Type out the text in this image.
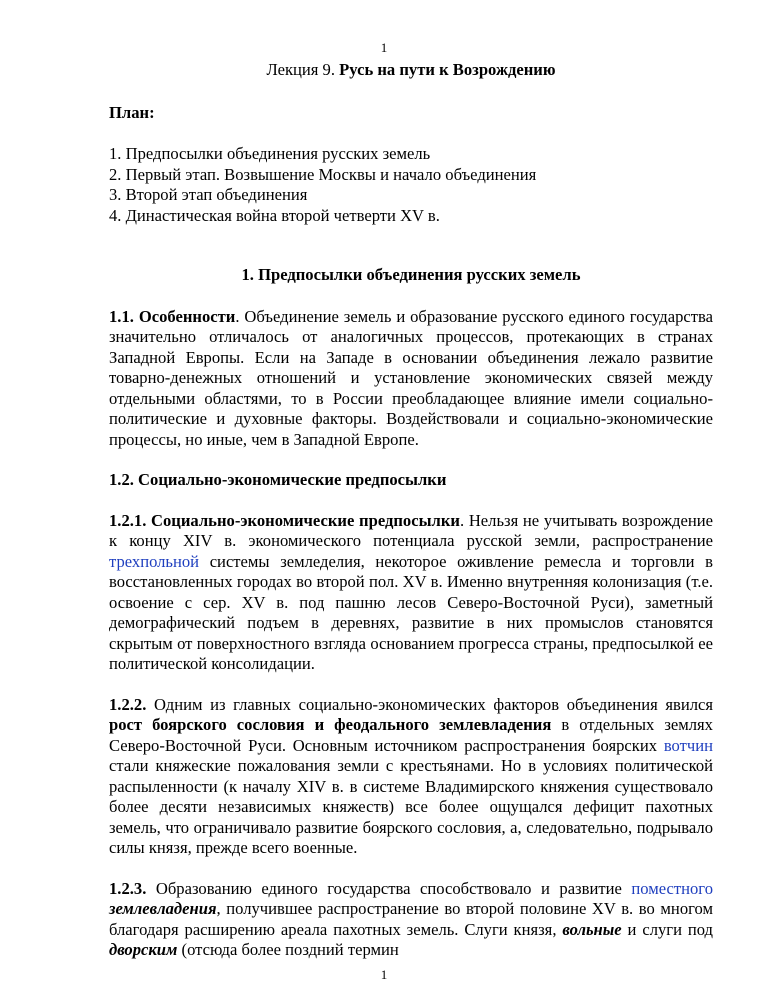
1
Лекция 9. Русь на пути к Возрождению
План:
1. Предпосылки объединения русских земель
2. Первый этап. Возвышение Москвы и начало объединения
3. Второй этап объединения
4. Династическая война второй четверти XV в.
1. Предпосылки объединения русских земель

1.1. Особенности. Объединение земель и образование русского единого государства значительно отличалось от аналогичных процессов, протекающих в странах Западной Европы. Если на Западе в основании объединения лежало развитие товарно-денежных отношений и установление экономических связей между отдельными областями, то в России преобладающее влияние имели социально-политические и духовные факторы. Воздействовали и социально-экономические процессы, но иные, чем в Западной Европе.

1.2. Социально-экономические предпосылки

1.2.1. Социально-экономические предпосылки. Нельзя не учитывать возрождение к концу XIV в. экономического потенциала русской земли, распространение трехпольной системы земледелия, некоторое оживление ремесла и торговли в восстановленных городах во второй пол. XV в. Именно внутренняя колонизация (т.е. освоение с сер. XV в. под пашню лесов Северо-Восточной Руси), заметный демографический подъем в деревнях, развитие в них промыслов становятся скрытым от поверхностного взгляда основанием прогресса страны, предпосылкой ее политической консолидации.

1.2.2. Одним из главных социально-экономических факторов объединения явился рост боярского сословия и феодального землевладения в отдельных землях Северо-Восточной Руси. Основным источником распространения боярских вотчин стали княжеские пожалования земли с крестьянами. Но в условиях политической распыленности (к началу XIV в. в системе Владимирского княжения существовало более десяти независимых княжеств) все более ощущался дефицит пахотных земель, что ограничивало развитие боярского сословия, а, следовательно, подрывало силы князя, прежде всего военные.

1.2.3. Образованию единого государства способствовало и развитие поместного землевладения, получившее распространение во второй половине XV в. во многом благодаря расширению ареала пахотных земель. Слуги князя, вольные и слуги под дворским (отсюда более поздний термин

1
